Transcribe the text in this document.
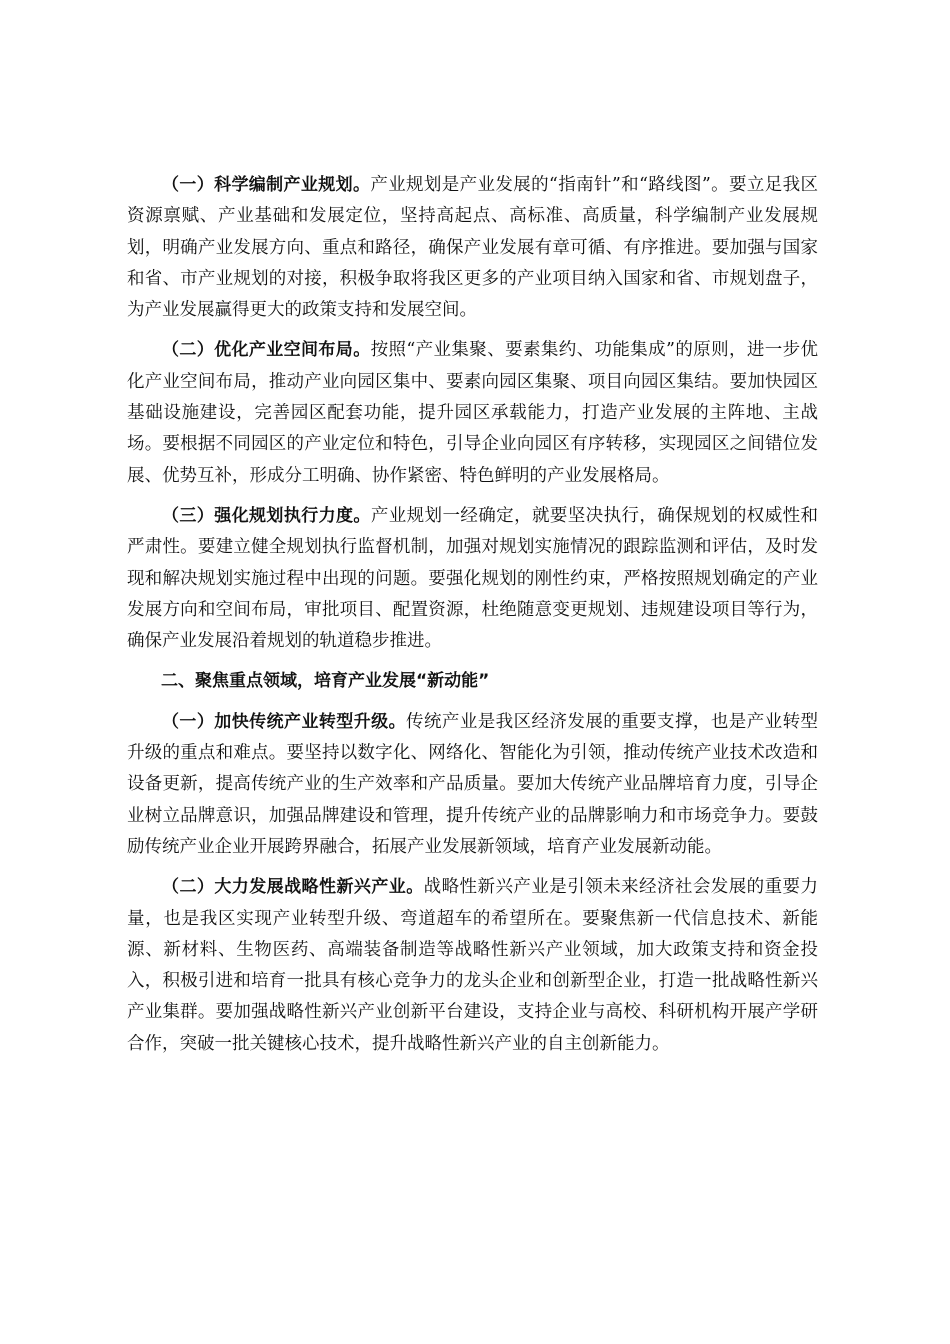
（一）科学编制产业规划。产业规划是产业发展的“指南针”和“路线图”。要立足我区资源禀赋、产业基础和发展定位，坚持高起点、高标准、高质量，科学编制产业发展规划，明确产业发展方向、重点和路径，确保产业发展有章可循、有序推进。要加强与国家和省、市产业规划的对接，积极争取将我区更多的产业项目纳入国家和省、市规划盘子，为产业发展赢得更大的政策支持和发展空间。

（二）优化产业空间布局。按照“产业集聚、要素集约、功能集成”的原则，进一步优化产业空间布局，推动产业向园区集中、要素向园区集聚、项目向园区集结。要加快园区基础设施建设，完善园区配套功能，提升园区承载能力，打造产业发展的主阵地、主战场。要根据不同园区的产业定位和特色，引导企业向园区有序转移，实现园区之间错位发展、优势互补，形成分工明确、协作紧密、特色鲜明的产业发展格局。

（三）强化规划执行力度。产业规划一经确定，就要坚决执行，确保规划的权威性和严肃性。要建立健全规划执行监督机制，加强对规划实施情况的跟踪监测和评估，及时发现和解决规划实施过程中出现的问题。要强化规划的刚性约束，严格按照规划确定的产业发展方向和空间布局，审批项目、配置资源，杜绝随意变更规划、违规建设项目等行为，确保产业发展沿着规划的轨道稳步推进。

二、聚焦重点领域，培育产业发展“新动能”

（一）加快传统产业转型升级。传统产业是我区经济发展的重要支撑，也是产业转型升级的重点和难点。要坚持以数字化、网络化、智能化为引领，推动传统产业技术改造和设备更新，提高传统产业的生产效率和产品质量。要加大传统产业品牌培育力度，引导企业树立品牌意识，加强品牌建设和管理，提升传统产业的品牌影响力和市场竞争力。要鼓励传统产业企业开展跨界融合，拓展产业发展新领域，培育产业发展新动能。

（二）大力发展战略性新兴产业。战略性新兴产业是引领未来经济社会发展的重要力量，也是我区实现产业转型升级、弯道超车的希望所在。要聚焦新一代信息技术、新能源、新材料、生物医药、高端装备制造等战略性新兴产业领域，加大政策支持和资金投入，积极引进和培育一批具有核心竞争力的龙头企业和创新型企业，打造一批战略性新兴产业集群。要加强战略性新兴产业创新平台建设，支持企业与高校、科研机构开展产学研合作，突破一批关键核心技术，提升战略性新兴产业的自主创新能力。
